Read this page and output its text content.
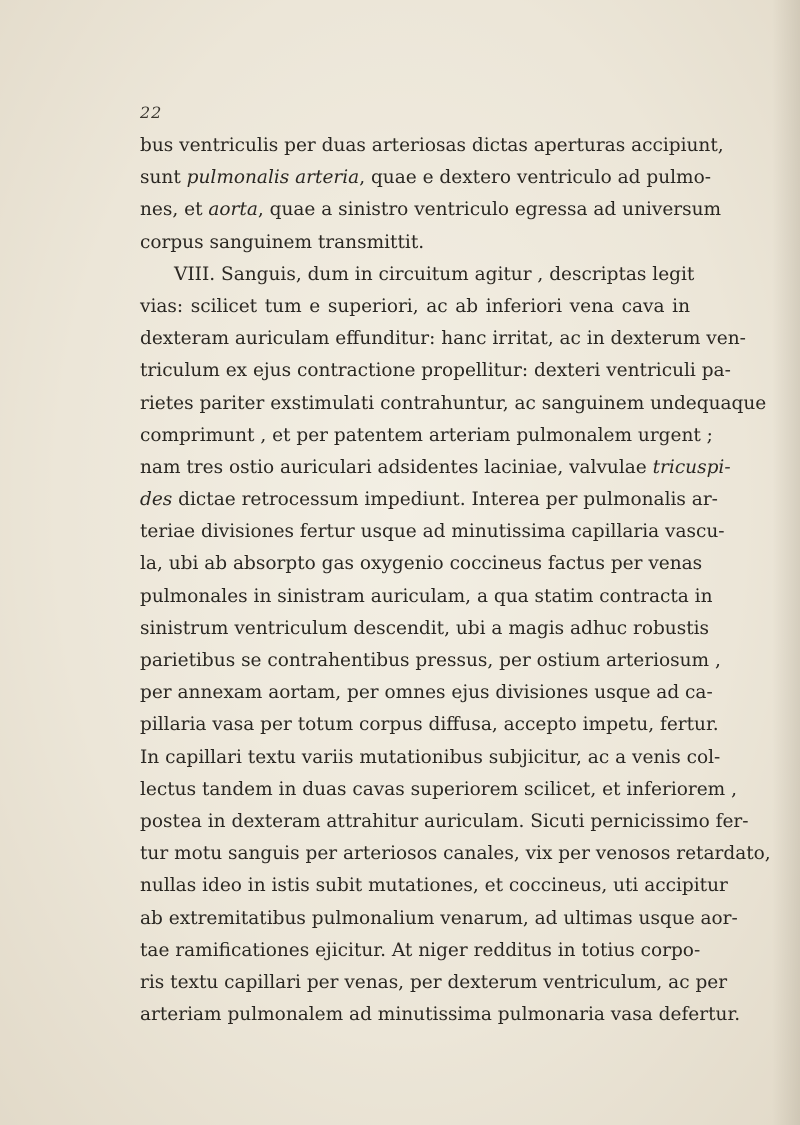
22
bus ventriculis per duas arteriosas dictas aperturas accipiunt,
sunt pulmonalis arteria, quae e dextero ventriculo ad pulmo-
nes, et aorta, quae a sinistro ventriculo egressa ad universum
corpus sanguinem transmittit.
VIII. Sanguis, dum in circuitum agitur , descriptas legit
vias: scilicet tum e superiori, ac ab inferiori vena cava in
dexteram auriculam effunditur: hanc irritat, ac in dexterum ven-
triculum ex ejus contractione propellitur: dexteri ventriculi pa-
rietes pariter exstimulati contrahuntur, ac sanguinem undequaque
comprimunt , et per patentem arteriam pulmonalem urgent ;
nam tres ostio auriculari adsidentes laciniae, valvulae tricuspi-
des dictae retrocessum impediunt. Interea per pulmonalis ar-
teriae divisiones fertur usque ad minutissima capillaria vascu-
la, ubi ab absorpto gas oxygenio coccineus factus per venas
pulmonales in sinistram auriculam, a qua statim contracta in
sinistrum ventriculum descendit, ubi a magis adhuc robustis
parietibus se contrahentibus pressus, per ostium arteriosum ,
per annexam aortam, per omnes ejus divisiones usque ad ca-
pillaria vasa per totum corpus diffusa, accepto impetu, fertur.
In capillari textu variis mutationibus subjicitur, ac a venis col-
lectus tandem in duas cavas superiorem scilicet, et inferiorem ,
postea in dexteram attrahitur auriculam. Sicuti pernicissimo fer-
tur motu sanguis per arteriosos canales, vix per venosos retardato,
nullas ideo in istis subit mutationes, et coccineus, uti accipitur
ab extremitatibus pulmonalium venarum, ad ultimas usque aor-
tae ramificationes ejicitur. At niger redditus in totius corpo-
ris textu capillari per venas, per dexterum ventriculum, ac per
arteriam pulmonalem ad minutissima pulmonaria vasa defertur.
